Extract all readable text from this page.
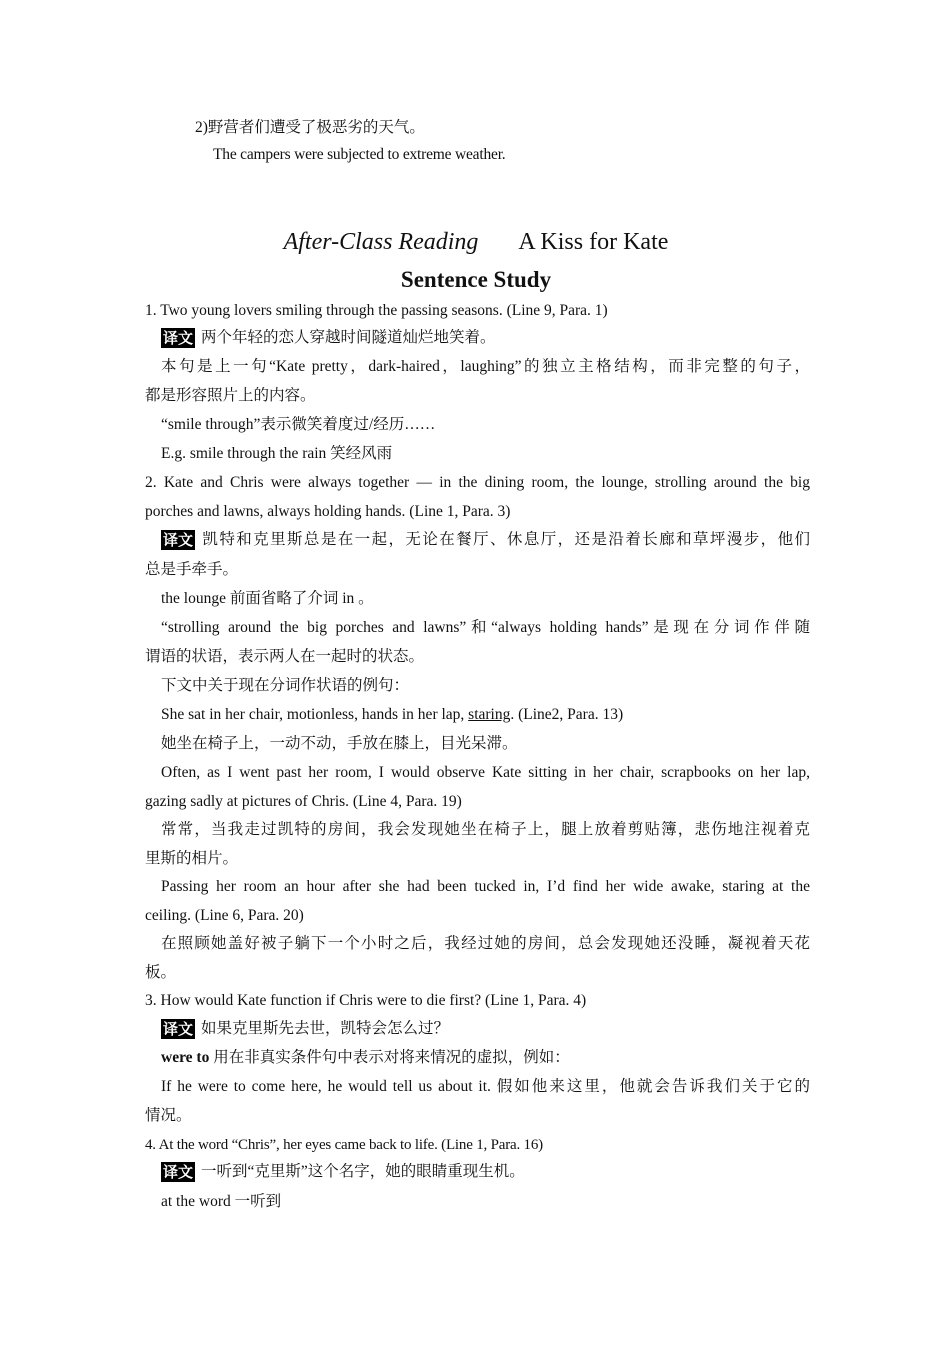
2)野营者们遭受了极恶劣的天气。
The campers were subjected to extreme weather.
After-Class Reading A Kiss for Kate
Sentence Study
1. Two young lovers smiling through the passing seasons. (Line 9, Para. 1)
译文 两个年轻的恋人穿越时间隧道灿烂地笑着。
本句是上一句“Kate pretty，dark-haired，laughing”的独立主格结构，而非完整的句子，
都是形容照片上的内容。
“smile through”表示微笑着度过/经历……
E.g. smile through the rain 笑经风雨
2. Kate and Chris were always together — in the dining room, the lounge, strolling around the big
porches and lawns, always holding hands. (Line 1, Para. 3)
译文 凯特和克里斯总是在一起，无论在餐厅、休息厅，还是沿着长廊和草坪漫步，他们
总是手牵手。
the lounge 前面省略了介词 in 。
“strolling around the big porches and lawns”和“always holding hands”是现在分词作伴随
谓语的状语，表示两人在一起时的状态。
下文中关于现在分词作状语的例句：
She sat in her chair, motionless, hands in her lap, staring. (Line2, Para. 13)
她坐在椅子上，一动不动，手放在膝上，目光呆滞。
Often, as I went past her room, I would observe Kate sitting in her chair, scrapbooks on her lap,
gazing sadly at pictures of Chris. (Line 4, Para. 19)
常常，当我走过凯特的房间，我会发现她坐在椅子上，腿上放着剪贴簿，悲伤地注视着克
里斯的相片。
Passing her room an hour after she had been tucked in, I’d find her wide awake, staring at the
ceiling. (Line 6, Para. 20)
在照顾她盖好被子躺下一个小时之后，我经过她的房间，总会发现她还没睡，凝视着天花
板。
3. How would Kate function if Chris were to die first? (Line 1, Para. 4)
译文 如果克里斯先去世，凯特会怎么过？
were to 用在非真实条件句中表示对将来情况的虚拟，例如：
If he were to come here, he would tell us about it. 假如他来这里，他就会告诉我们关于它的
情况。
4. At the word “Chris”, her eyes came back to life. (Line 1, Para. 16)
译文 一听到“克里斯”这个名字，她的眼睛重现生机。
at the word 一听到
